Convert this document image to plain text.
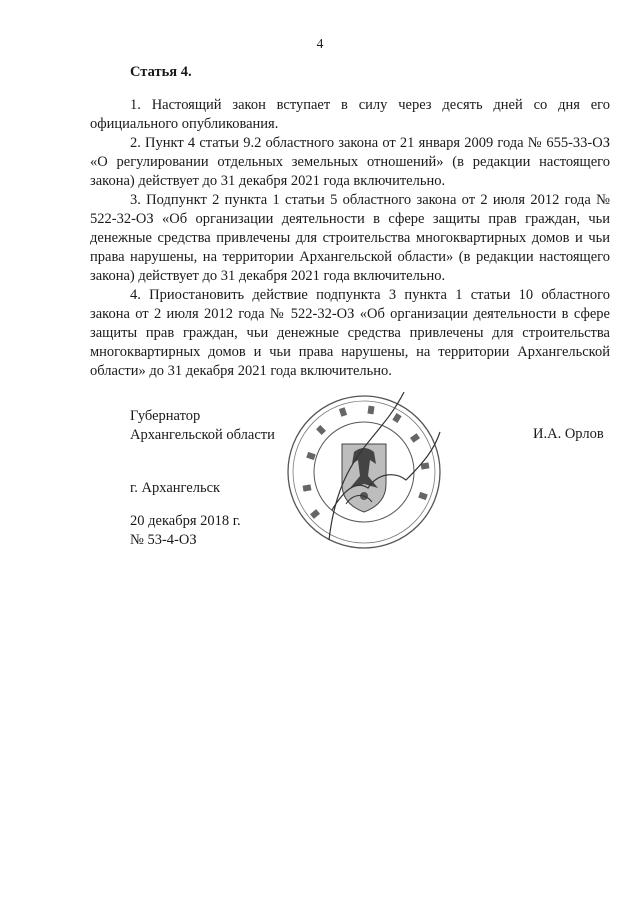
4
Статья 4.

1. Настоящий закон вступает в силу через десять дней со дня его официального опубликования.

2. Пункт 4 статьи 9.2 областного закона от 21 января 2009 года № 655-33-ОЗ «О регулировании отдельных земельных отношений» (в редакции настоящего закона) действует до 31 декабря 2021 года включительно.

3. Подпункт 2 пункта 1 статьи 5 областного закона от 2 июля 2012 года № 522-32-ОЗ «Об организации деятельности в сфере защиты прав граждан, чьи денежные средства привлечены для строительства многоквартирных домов и чьи права нарушены, на территории Архангельской области» (в редакции настоящего закона) действует до 31 декабря 2021 года включительно.

4. Приостановить действие подпункта 3 пункта 1 статьи 10 областного закона от 2 июля 2012 года № 522-32-ОЗ «Об организации деятельности в сфере защиты прав граждан, чьи денежные средства привлечены для строительства многоквартирных домов и чьи права нарушены, на территории Архангельской области» до 31 декабря 2021 года включительно.

Губернатор
Архангельской области	И.А. Орлов
г. Архангельск
20 декабря 2018 г.
№ 53-4-ОЗ
